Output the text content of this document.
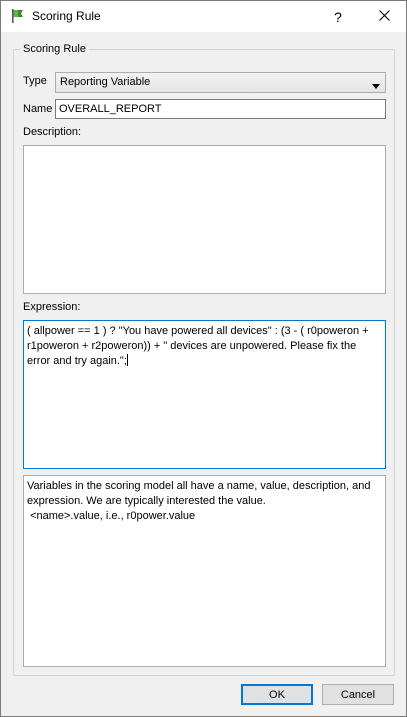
Scoring Rule	?
Scoring Rule
Type Reporting Variable
Name OVERALL_REPORT
Description:
Expression:
( allpower == 1 ) ? "You have powered all devices" : (3 - ( r0poweron +
r1poweron + r2poweron)) + " devices are unpowered. Please fix the
error and try again.";
Variables in the scoring model all have a name, value, description, and
expression. We are typically interested the value.
<name>.value, i.e., r0power.value
OK	Cancel
